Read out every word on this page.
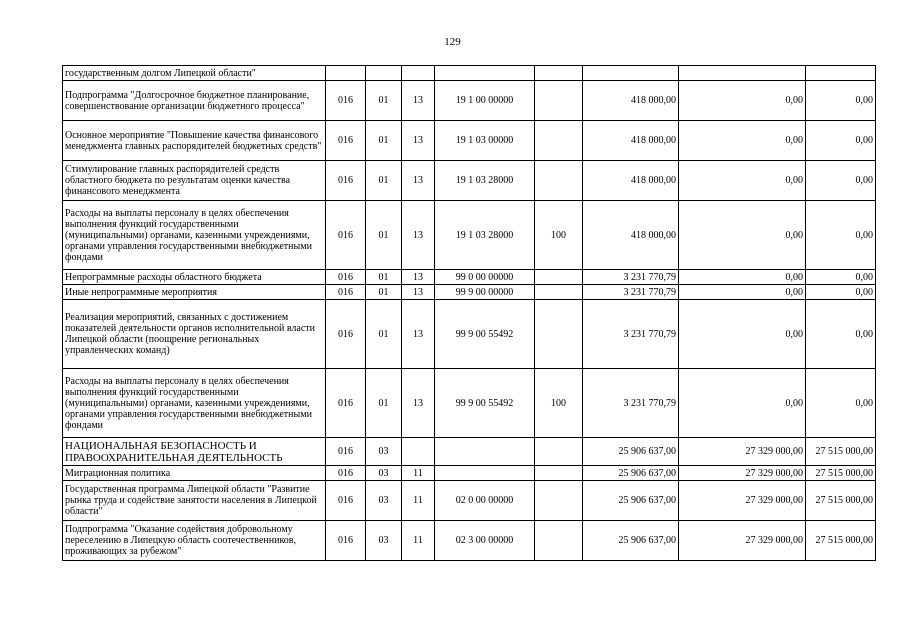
129
государственным долгом Липецкой области"								
Подпрограмма "Долгосрочное бюджетное планирование, совершенствование организации бюджетного процесса"	016	01	13	19 1 00 00000		418 000,00	0,00	0,00
Основное мероприятие "Повышение качества финансового менеджмента главных распорядителей бюджетных средств"	016	01	13	19 1 03 00000		418 000,00	0,00	0,00
Стимулирование главных распорядителей средств областного бюджета по результатам оценки качества финансового менеджмента	016	01	13	19 1 03 28000		418 000,00	0,00	0,00
Расходы на выплаты персоналу в целях обеспечения выполнения функций государственными (муниципальными) органами, казенными учреждениями, органами управления государственными внебюджетными фондами	016	01	13	19 1 03 28000	100	418 000,00	0,00	0,00
Непрограммные расходы областного бюджета	016	01	13	99 0 00 00000		3 231 770,79	0,00	0,00
Иные непрограммные мероприятия	016	01	13	99 9 00 00000		3 231 770,79	0,00	0,00
Реализация мероприятий, связанных с достижением показателей деятельности органов исполнительной власти Липецкой области (поощрение региональных управленческих команд)	016	01	13	99 9 00 55492		3 231 770,79	0,00	0,00
Расходы на выплаты персоналу в целях обеспечения выполнения функций государственными (муниципальными) органами, казенными учреждениями, органами управления государственными внебюджетными фондами	016	01	13	99 9 00 55492	100	3 231 770,79	0,00	0,00
НАЦИОНАЛЬНАЯ БЕЗОПАСНОСТЬ И ПРАВООХРАНИТЕЛЬНАЯ ДЕЯТЕЛЬНОСТЬ	016	03				25 906 637,00	27 329 000,00	27 515 000,00
Миграционная политика	016	03	11			25 906 637,00	27 329 000,00	27 515 000,00
Государственная программа Липецкой области "Развитие рынка труда и содействие занятости населения в Липецкой области"	016	03	11	02 0 00 00000		25 906 637,00	27 329 000,00	27 515 000,00
Подпрограмма "Оказание содействия добровольному переселению в Липецкую область соотечественников, проживающих за рубежом"	016	03	11	02 3 00 00000		25 906 637,00	27 329 000,00	27 515 000,00
